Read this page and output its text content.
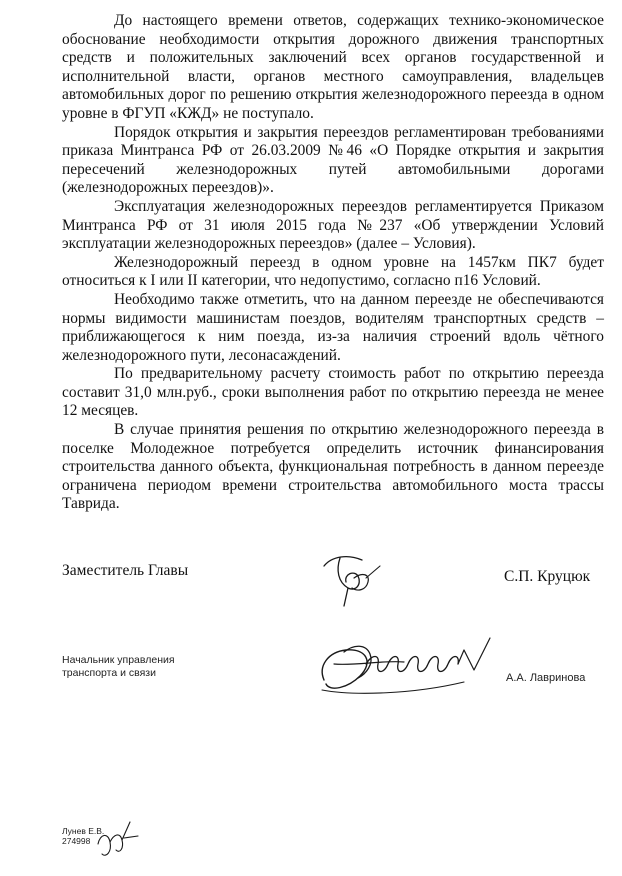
До настоящего времени ответов, содержащих технико-экономическое обоснование необходимости открытия дорожного движения транспортных средств и положительных заключений всех органов государственной и исполнительной власти, органов местного самоуправления, владельцев автомобильных дорог по решению открытия железнодорожного переезда в одном уровне в ФГУП «КЖД» не поступало.

Порядок открытия и закрытия переездов регламентирован требованиями приказа Минтранса РФ от 26.03.2009 №46 «О Порядке открытия и закрытия пересечений железнодорожных путей автомобильными дорогами (железнодорожных переездов)».

Эксплуатация железнодорожных переездов регламентируется Приказом Минтранса РФ от 31 июля 2015 года №237 «Об утверждении Условий эксплуатации железнодорожных переездов» (далее – Условия).

Железнодорожный переезд в одном уровне на 1457км ПК7 будет относиться к I или II категории, что недопустимо, согласно п16 Условий.

Необходимо также отметить, что на данном переезде не обеспечиваются нормы видимости машинистам поездов, водителям транспортных средств – приближающегося к ним поезда, из-за наличия строений вдоль чётного железнодорожного пути, лесонасаждений.

По предварительному расчету стоимость работ по открытию переезда составит 31,0 млн.руб., сроки выполнения работ по открытию переезда не менее 12 месяцев.

В случае принятия решения по открытию железнодорожного переезда в поселке Молодежное потребуется определить источник финансирования строительства данного объекта, функциональная потребность в данном переезде ограничена периодом времени строительства автомобильного моста трассы Таврида.

Заместитель Главы	С.П. Круцюк
Начальник управления
транспорта и связи	А.А. Лавринова
Лунев Е.В.
274998
